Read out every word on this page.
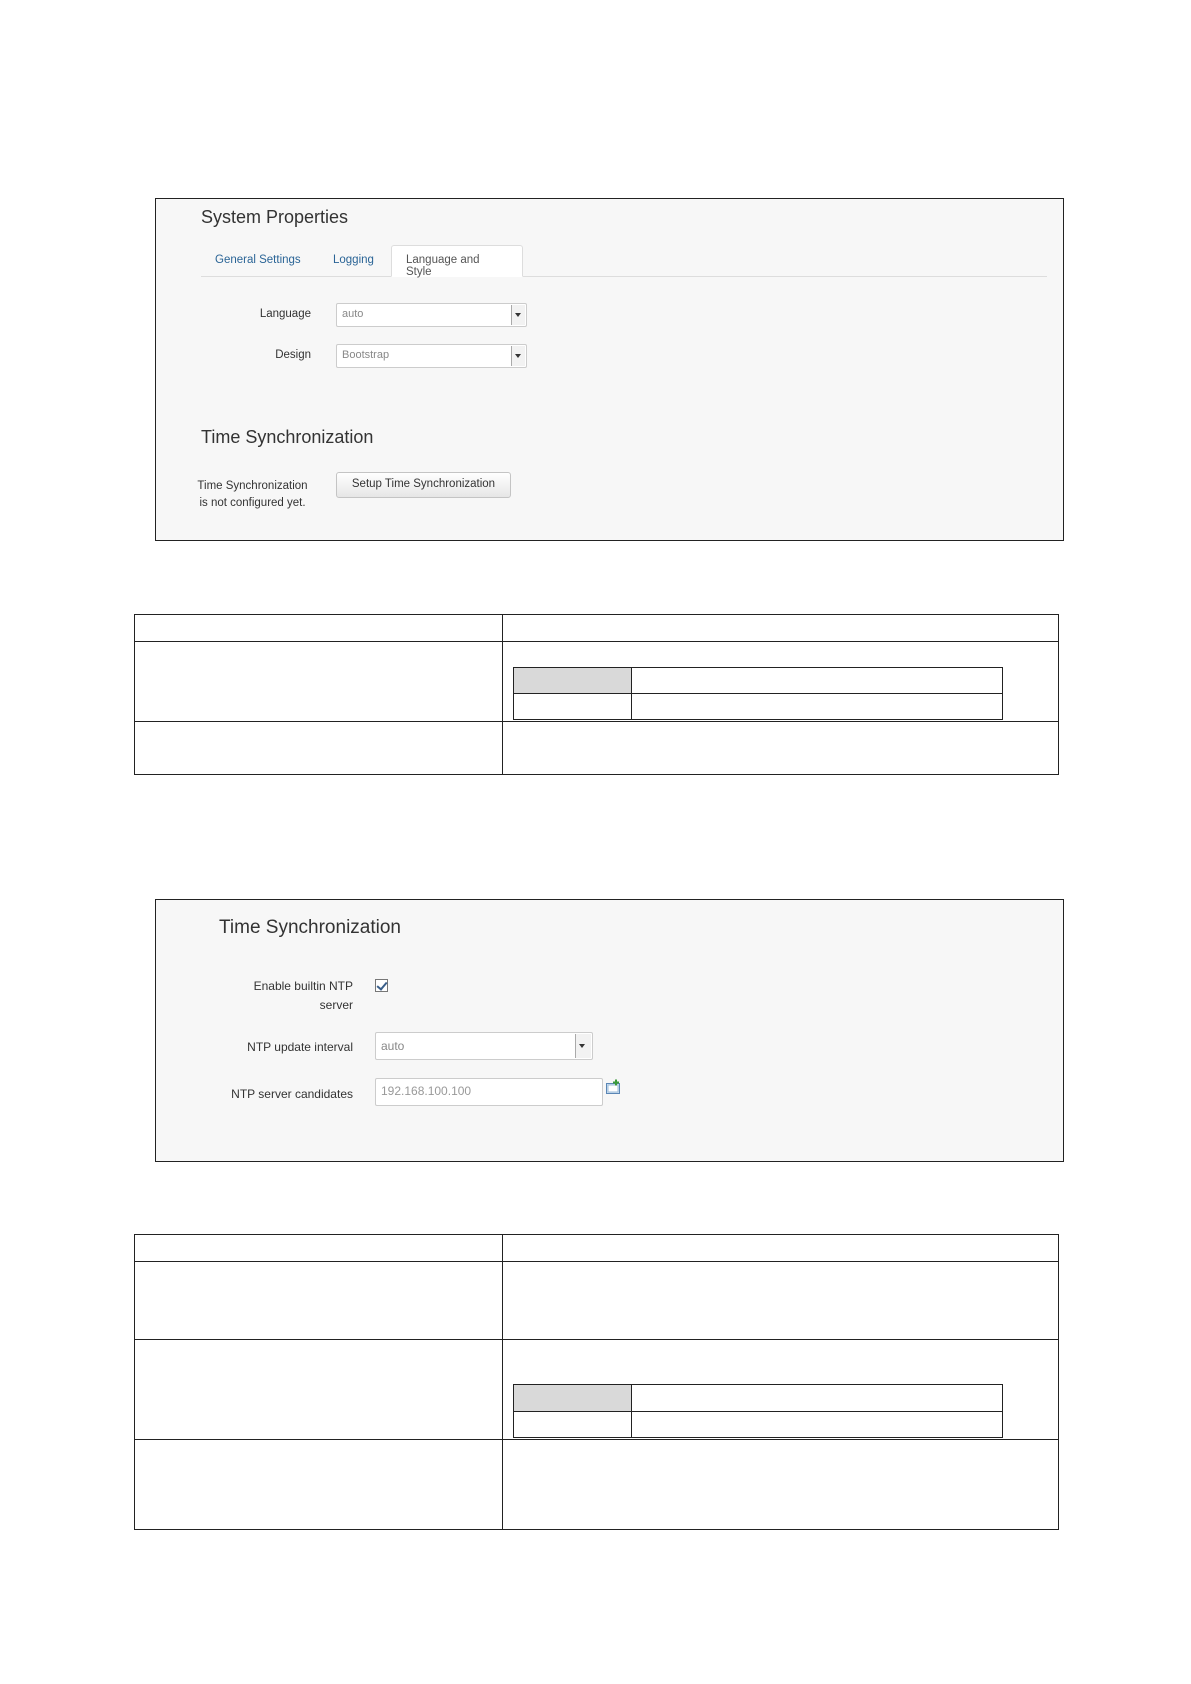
System Properties
General Settings	Logging	Language and Style
Language	auto
Design	Bootstrap
Time Synchronization
Time Synchronization
is not configured yet.
Setup Time Synchronization

Time Synchronization
Enable builtin NTP
server
NTP update interval	auto
NTP server candidates	192.168.100.100
